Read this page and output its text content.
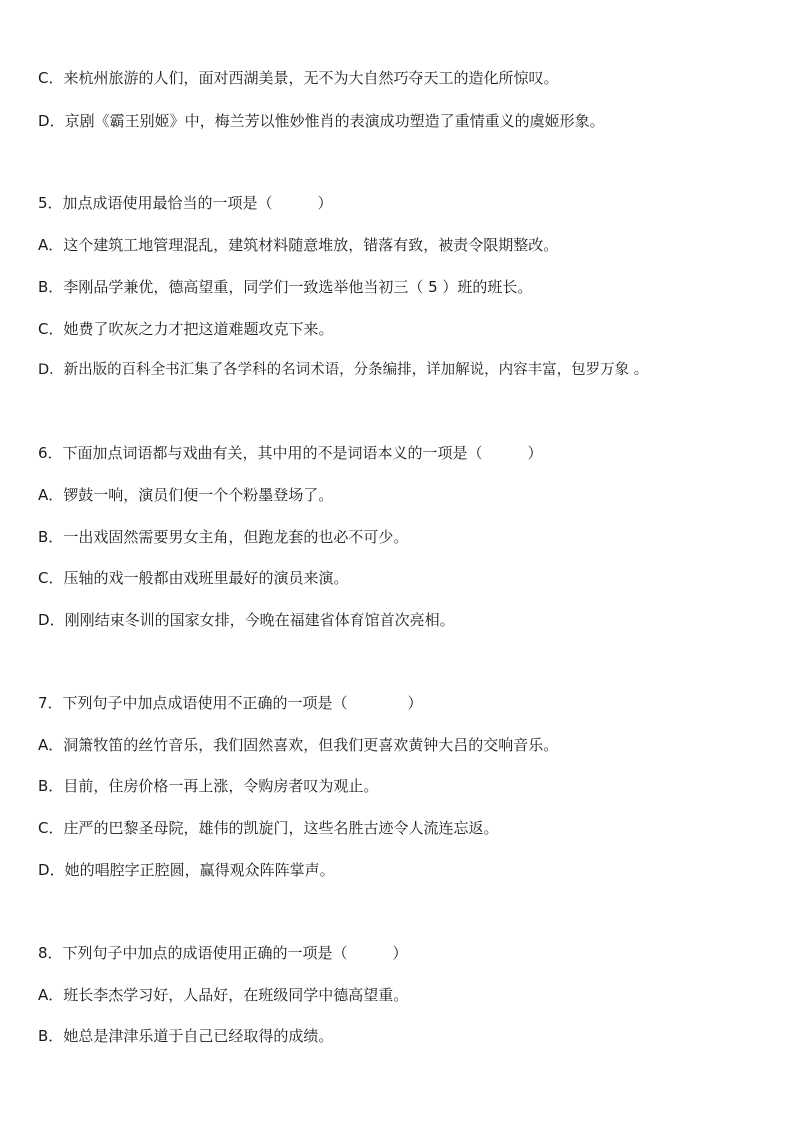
C．来杭州旅游的人们，面对西湖美景，无不为大自然巧夺天工的造化所惊叹。
D．京剧《霸王别姬》中，梅兰芳以惟妙惟肖的表演成功塑造了重情重义的虞姬形象。
5．加点成语使用最恰当的一项是（　　　）
A．这个建筑工地管理混乱，建筑材料随意堆放，错落有致，被责令限期整改。
B．李刚品学兼优，德高望重，同学们一致选举他当初三（ 5 ）班的班长。
C．她费了吹灰之力才把这道难题攻克下来。
D．新出版的百科全书汇集了各学科的名词术语，分条编排，详加解说，内容丰富，包罗万象 。
6．下面加点词语都与戏曲有关，其中用的不是词语本义的一项是（　　　）
A．锣鼓一响，演员们便一个个粉墨登场了。
B．一出戏固然需要男女主角，但跑龙套的也必不可少。
C．压轴的戏一般都由戏班里最好的演员来演。
D．刚刚结束冬训的国家女排，今晚在福建省体育馆首次亮相。
7．下列句子中加点成语使用不正确的一项是（　　　　）
A．洞箫牧笛的丝竹音乐，我们固然喜欢，但我们更喜欢黄钟大吕的交响音乐。
B．目前，住房价格一再上涨，令购房者叹为观止。
C．庄严的巴黎圣母院，雄伟的凯旋门，这些名胜古迹令人流连忘返。
D．她的唱腔字正腔圆，赢得观众阵阵掌声。
8．下列句子中加点的成语使用正确的一项是（　　　）
A．班长李杰学习好，人品好，在班级同学中德高望重。
B．她总是津津乐道于自己已经取得的成绩。
